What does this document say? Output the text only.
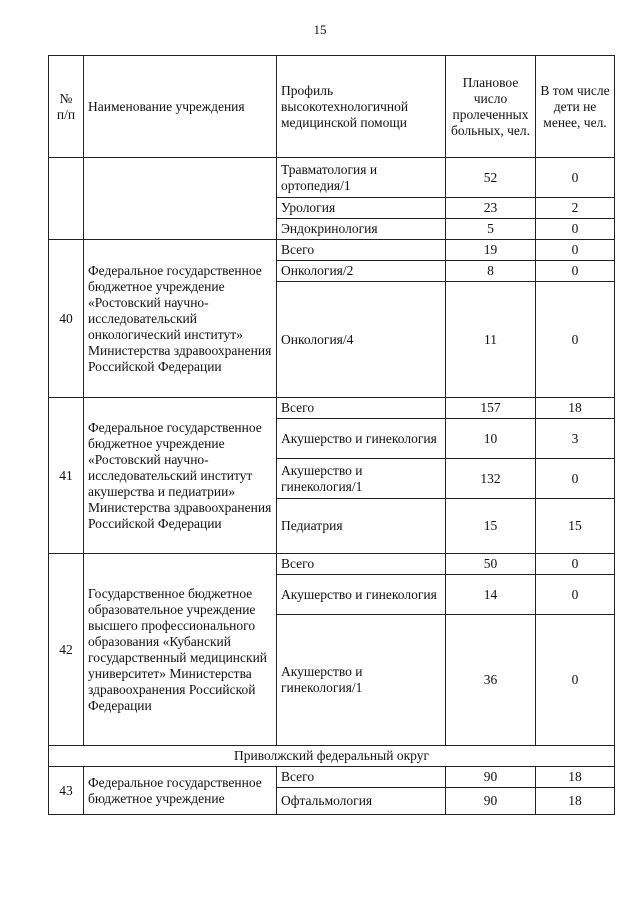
15
№ п/п	Наименование учреждения	Профиль высокотехнологичной медицинской помощи	Плановое число пролеченных больных, чел.	В том числе дети не менее, чел.
		Травматология и ортопедия/1	52	0
		Урология	23	2
		Эндокринология	5	0
40	Федеральное государственное бюджетное учреждение «Ростовский научно-исследовательский онкологический институт» Министерства здравоохранения Российской Федерации	Всего	19	0
		Онкология/2	8	0
		Онкология/4	11	0
41	Федеральное государственное бюджетное учреждение «Ростовский научно-исследовательский институт акушерства и педиатрии» Министерства здравоохранения Российской Федерации	Всего	157	18
		Акушерство и гинекология	10	3
		Акушерство и гинекология/1	132	0
		Педиатрия	15	15
42	Государственное бюджетное образовательное учреждение высшего профессионального образования «Кубанский государственный медицинский университет» Министерства здравоохранения Российской Федерации	Всего	50	0
		Акушерство и гинекология	14	0
		Акушерство и гинекология/1	36	0
Приволжский федеральный округ				
43	Федеральное государственное бюджетное учреждение	Всего	90	18
		Офтальмология	90	18
